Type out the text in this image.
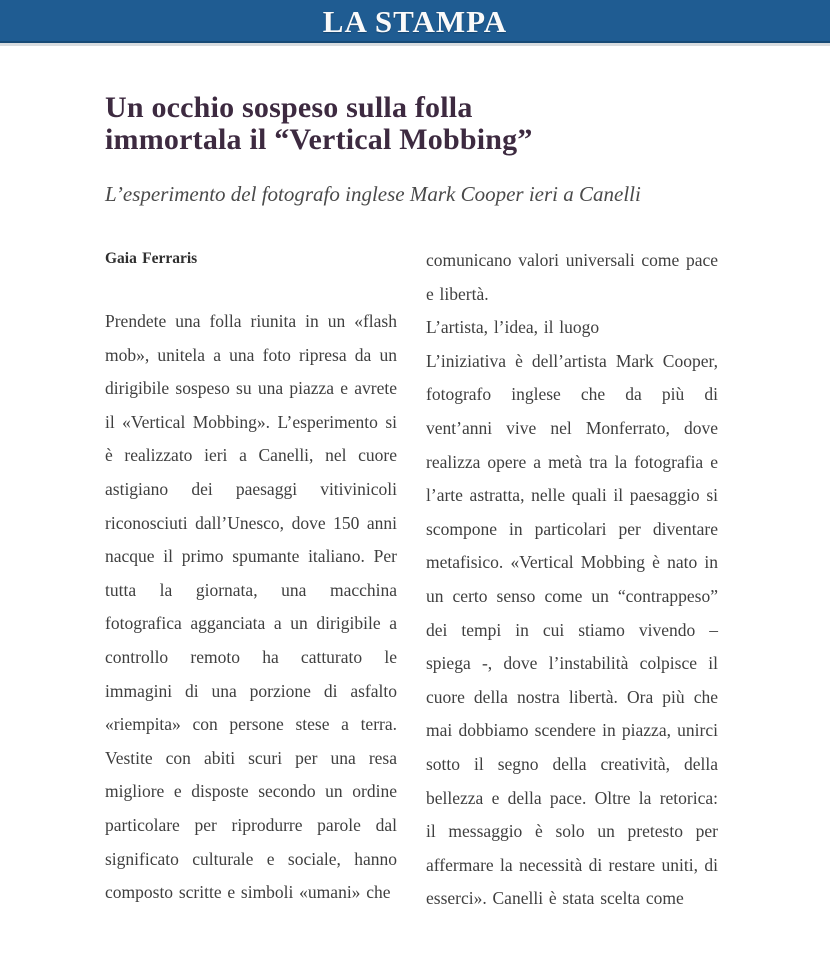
LA STAMPA
Un occhio sospeso sulla folla
immortala il “Vertical Mobbing”
L’esperimento del fotografo inglese Mark Cooper ieri a Canelli
Gaia Ferraris

Prendete una folla riunita in un «flash mob», unitela a una foto ripresa da un dirigibile sospeso su una piazza e avrete il «Vertical Mobbing». L’esperimento si è realizzato ieri a Canelli, nel cuore astigiano dei paesaggi vitivinicoli riconosciuti dall’Unesco, dove 150 anni nacque il primo spumante italiano. Per tutta la giornata, una macchina fotografica agganciata a un dirigibile a controllo remoto ha catturato le immagini di una porzione di asfalto «riempita» con persone stese a terra. Vestite con abiti scuri per una resa migliore e disposte secondo un ordine particolare per riprodurre parole dal significato culturale e sociale, hanno composto scritte e simboli «umani» che

comunicano valori universali come pace e libertà.

L’artista, l’idea, il luogo

L’iniziativa è dell’artista Mark Cooper, fotografo inglese che da più di vent’anni vive nel Monferrato, dove realizza opere a metà tra la fotografia e l’arte astratta, nelle quali il paesaggio si scompone in particolari per diventare metafisico. «Vertical Mobbing è nato in un certo senso come un “contrappeso” dei tempi in cui stiamo vivendo – spiega -, dove l’instabilità colpisce il cuore della nostra libertà. Ora più che mai dobbiamo scendere in piazza, unirci sotto il segno della creatività, della bellezza e della pace. Oltre la retorica: il messaggio è solo un pretesto per affermare la necessità di restare uniti, di esserci». Canelli è stata scelta come
